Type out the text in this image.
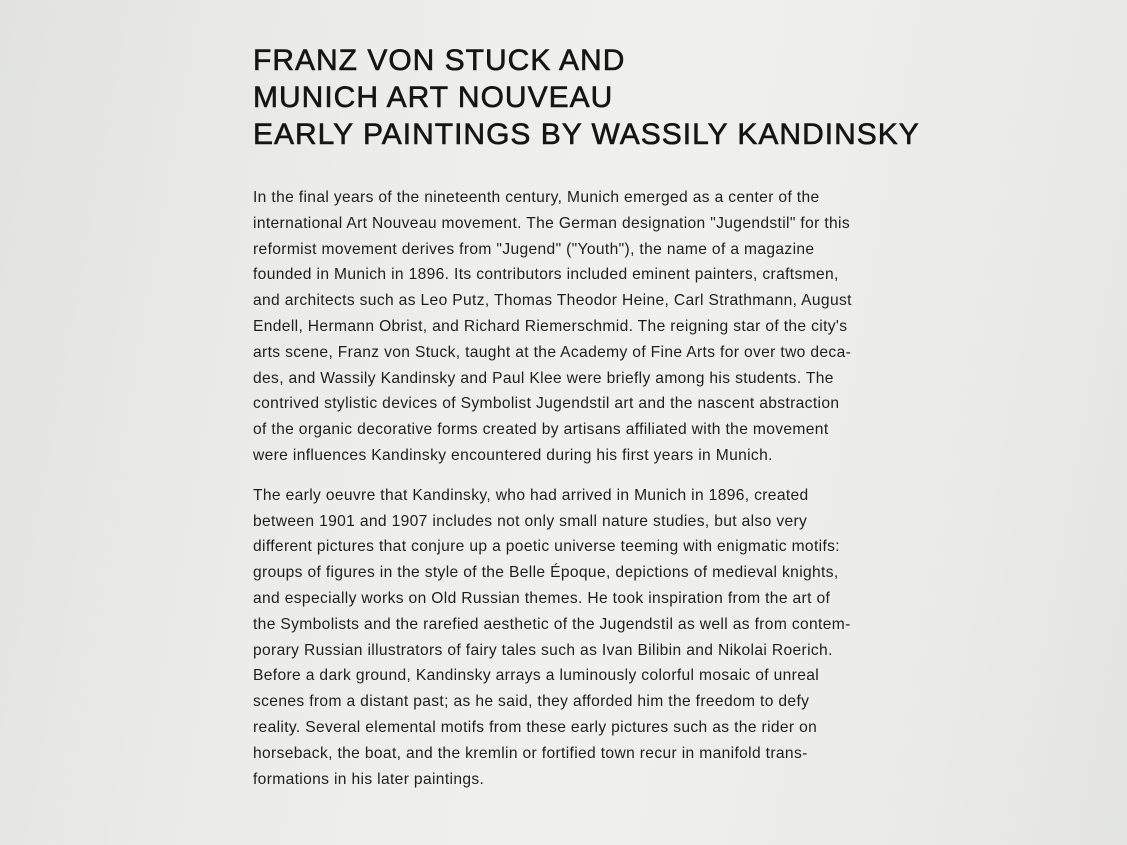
FRANZ VON STUCK AND
MUNICH ART NOUVEAU
EARLY PAINTINGS BY WASSILY KANDINSKY

In the final years of the nineteenth century, Munich emerged as a center of the
international Art Nouveau movement. The German designation "Jugendstil" for this
reformist movement derives from "Jugend" ("Youth"), the name of a magazine
founded in Munich in 1896. Its contributors included eminent painters, craftsmen,
and architects such as Leo Putz, Thomas Theodor Heine, Carl Strathmann, August
Endell, Hermann Obrist, and Richard Riemerschmid. The reigning star of the city's
arts scene, Franz von Stuck, taught at the Academy of Fine Arts for over two deca-
des, and Wassily Kandinsky and Paul Klee were briefly among his students. The
contrived stylistic devices of Symbolist Jugendstil art and the nascent abstraction
of the organic decorative forms created by artisans affiliated with the movement
were influences Kandinsky encountered during his first years in Munich.

The early oeuvre that Kandinsky, who had arrived in Munich in 1896, created
between 1901 and 1907 includes not only small nature studies, but also very
different pictures that conjure up a poetic universe teeming with enigmatic motifs:
groups of figures in the style of the Belle Époque, depictions of medieval knights,
and especially works on Old Russian themes. He took inspiration from the art of
the Symbolists and the rarefied aesthetic of the Jugendstil as well as from contem-
porary Russian illustrators of fairy tales such as Ivan Bilibin and Nikolai Roerich.
Before a dark ground, Kandinsky arrays a luminously colorful mosaic of unreal
scenes from a distant past; as he said, they afforded him the freedom to defy
reality. Several elemental motifs from these early pictures such as the rider on
horseback, the boat, and the kremlin or fortified town recur in manifold trans-
formations in his later paintings.
